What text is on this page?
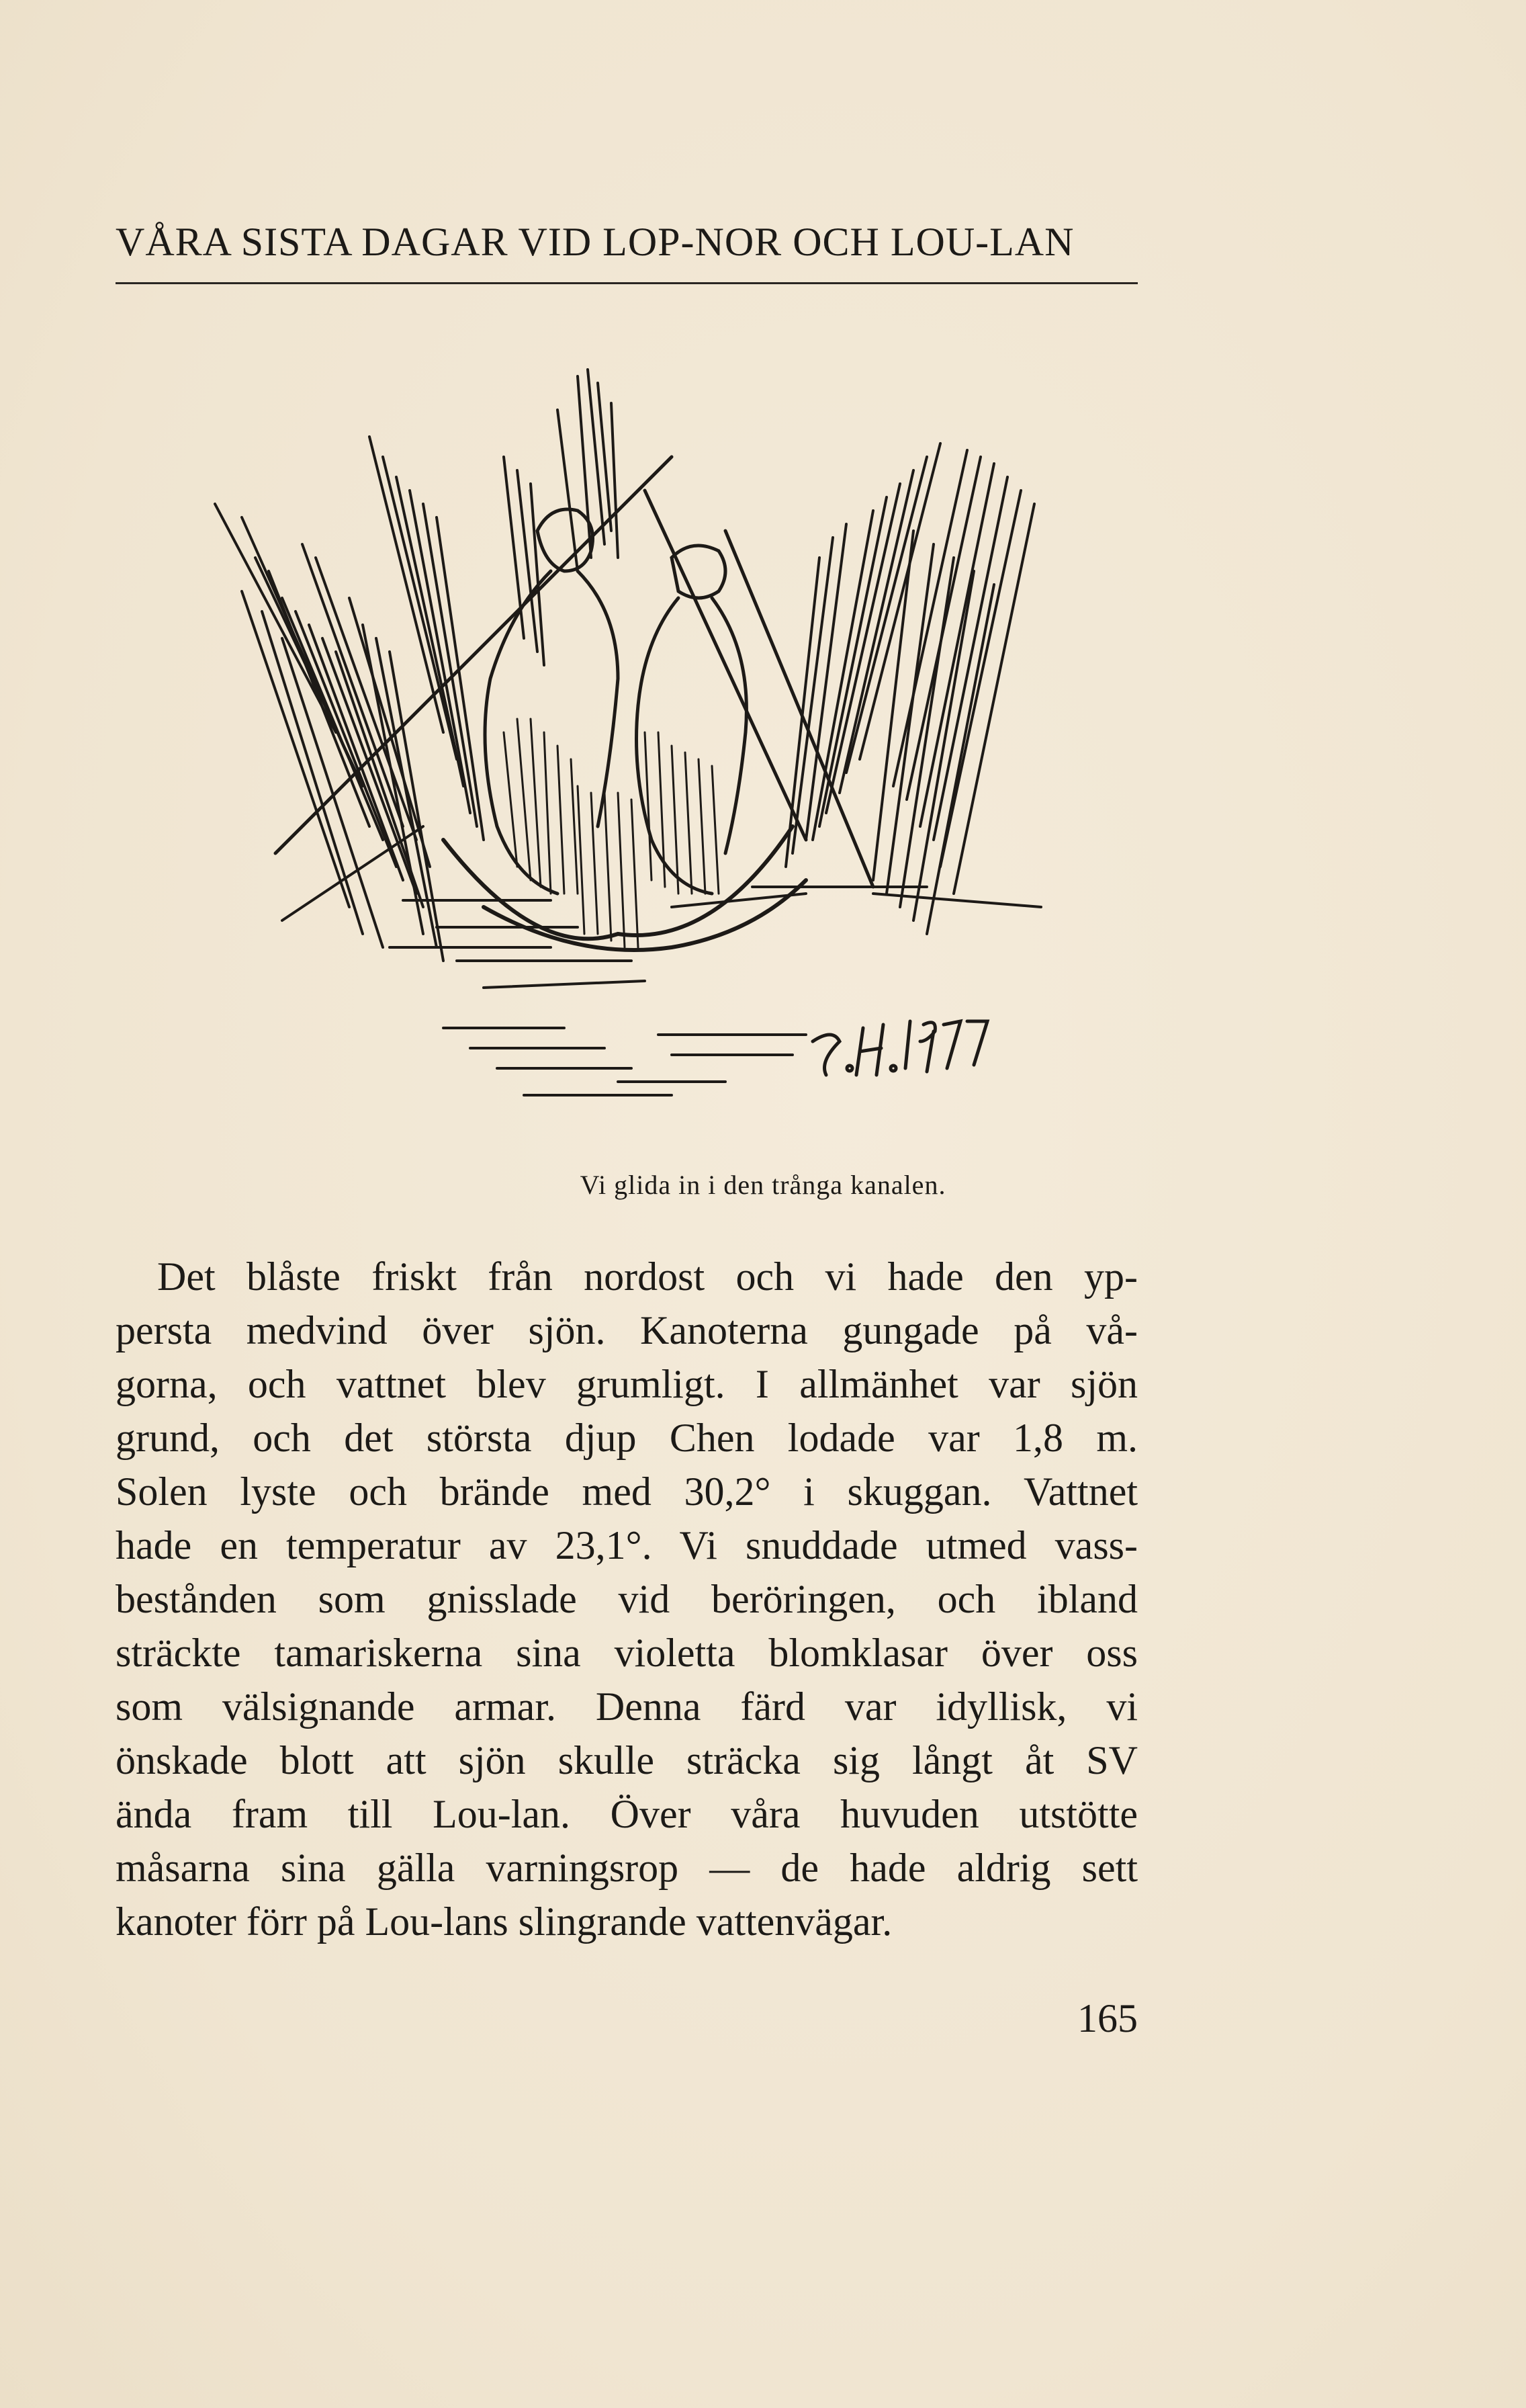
VÅRA SISTA DAGAR VID LOP-NOR OCH LOU-LAN
Vi glida in i den trånga kanalen.
Det blåste friskt från nordost och vi hade den yp-
persta medvind över sjön. Kanoterna gungade på vå-
gorna, och vattnet blev grumligt. I allmänhet var sjön
grund, och det största djup Chen lodade var 1,8 m.
Solen lyste och brände med 30,2° i skuggan. Vattnet
hade en temperatur av 23,1°. Vi snuddade utmed vass-
bestånden som gnisslade vid beröringen, och ibland
sträckte tamariskerna sina violetta blomklasar över oss
som välsignande armar. Denna färd var idyllisk, vi
önskade blott att sjön skulle sträcka sig långt åt SV
ända fram till Lou-lan. Över våra huvuden utstötte
måsarna sina gälla varningsrop — de hade aldrig sett
kanoter förr på Lou-lans slingrande vattenvägar.
165
